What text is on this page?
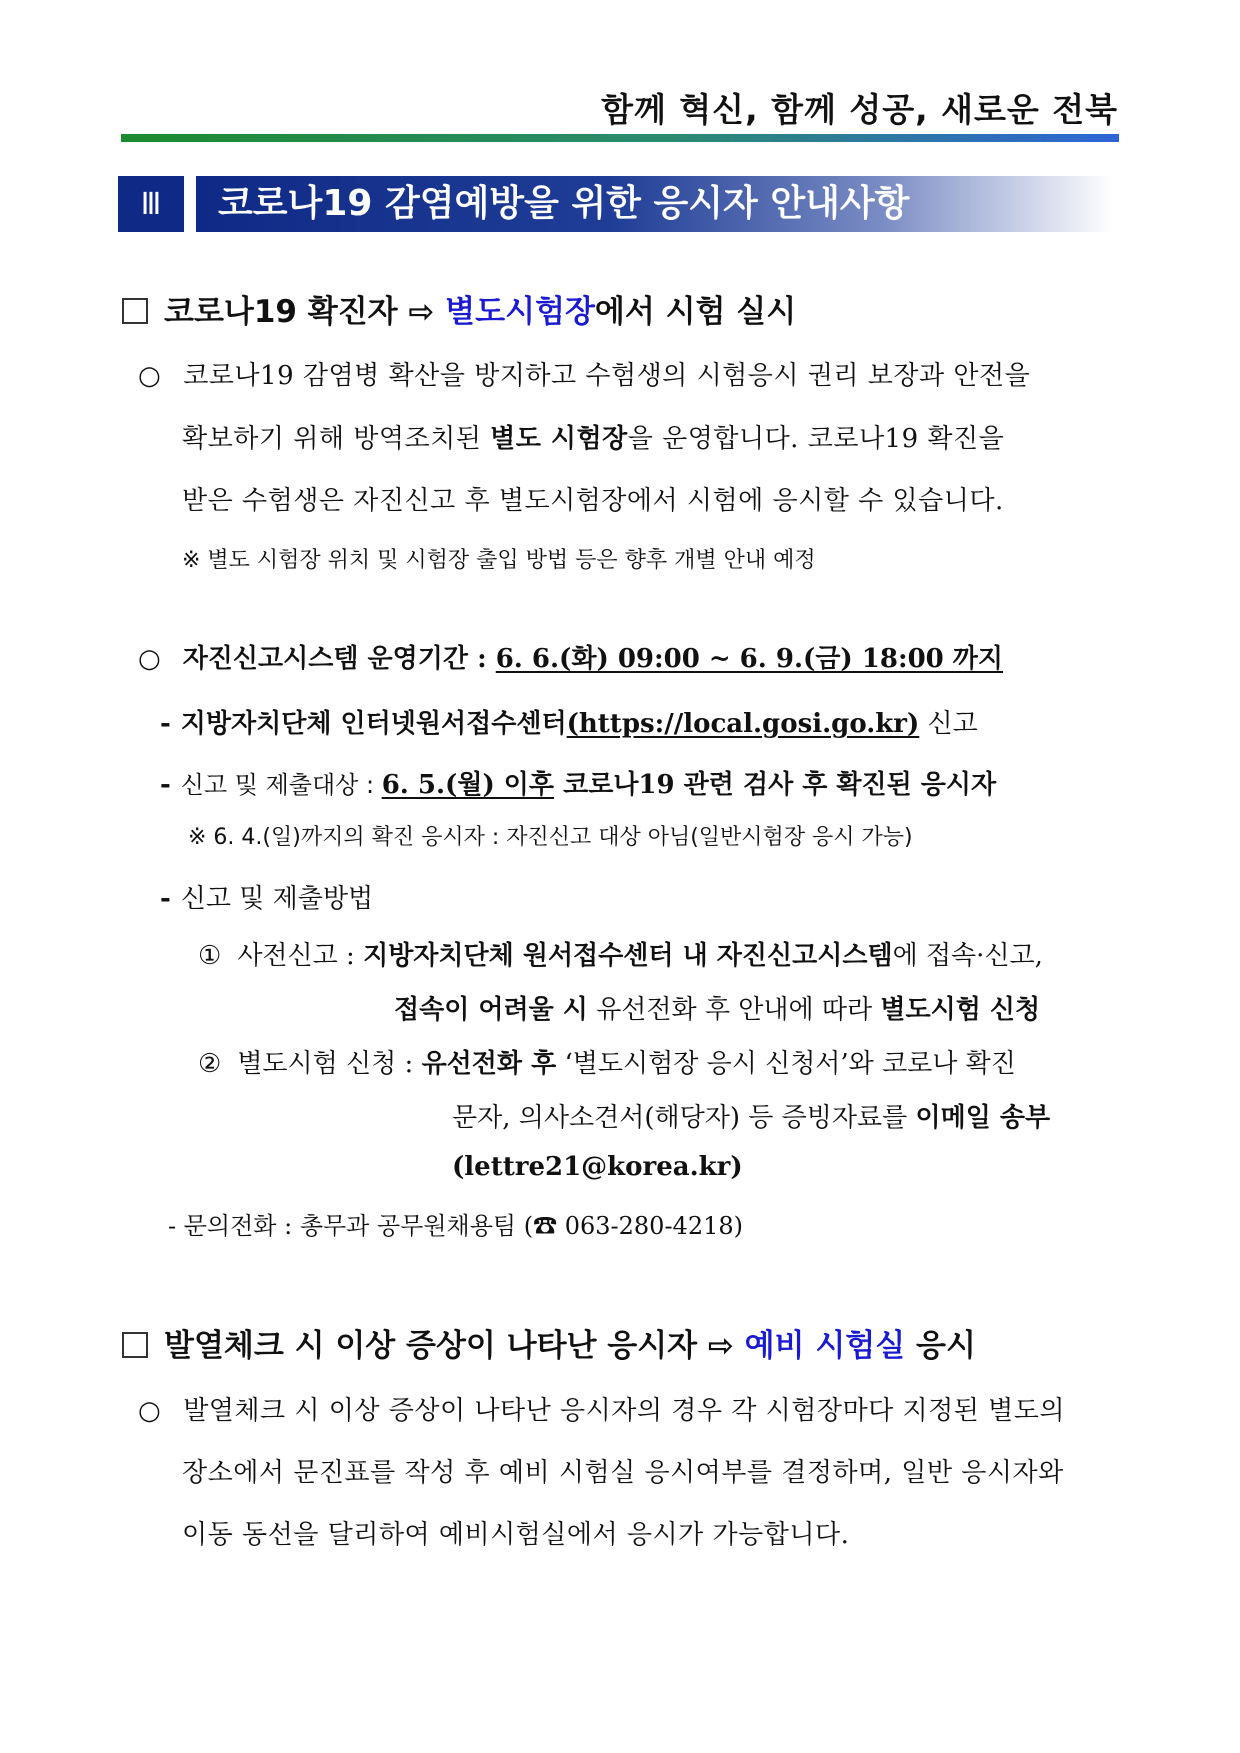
함께 혁신, 함께 성공, 새로운 전북
Ⅲ	코로나19 감염예방을 위한 응시자 안내사항
코로나19 확진자 ⇨ 별도시험장에서 시험 실시
○ 코로나19 감염병 확산을 방지하고 수험생의 시험응시 권리 보장과 안전을
확보하기 위해 방역조치된 별도 시험장을 운영합니다. 코로나19 확진을
받은 수험생은 자진신고 후 별도시험장에서 시험에 응시할 수 있습니다.
※ 별도 시험장 위치 및 시험장 출입 방법 등은 향후 개별 안내 예정
○ 자진신고시스템 운영기간 : 6. 6.(화) 09:00 ~ 6. 9.(금) 18:00 까지
- 지방자치단체 인터넷원서접수센터(https://local.gosi.go.kr) 신고
- 신고 및 제출대상 : 6. 5.(월) 이후 코로나19 관련 검사 후 확진된 응시자
※ 6. 4.(일)까지의 확진 응시자 : 자진신고 대상 아님(일반시험장 응시 가능)
- 신고 및 제출방법
① 사전신고 : 지방자치단체 원서접수센터 내 자진신고시스템에 접속·신고,
접속이 어려울 시 유선전화 후 안내에 따라 별도시험 신청
② 별도시험 신청 : 유선전화 후 ‘별도시험장 응시 신청서’와 코로나 확진
문자, 의사소견서(해당자) 등 증빙자료를 이메일 송부
(lettre21@korea.kr)
- 문의전화 : 총무과 공무원채용팀 (☎ 063-280-4218)
발열체크 시 이상 증상이 나타난 응시자 ⇨ 예비 시험실 응시
○ 발열체크 시 이상 증상이 나타난 응시자의 경우 각 시험장마다 지정된 별도의
장소에서 문진표를 작성 후 예비 시험실 응시여부를 결정하며, 일반 응시자와
이동 동선을 달리하여 예비시험실에서 응시가 가능합니다.
